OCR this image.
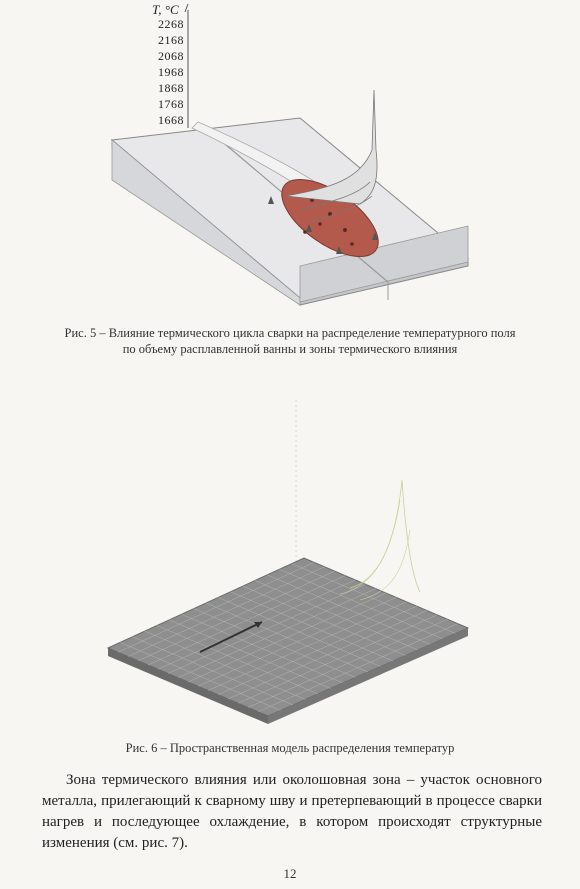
T, °C
2268
2168
2068
1968
1868
1768
1668
Рис. 5 – Влияние термического цикла сварки на распределение температурного поля по объему расплавленной ванны и зоны термического влияния
Рис. 6 – Пространственная модель распределения температур
Зона термического влияния или околошовная зона – участок основного металла, прилегающий к сварному шву и претерпевающий в процессе сварки нагрев и последующее охлаждение, в котором происходят структурные изменения (см. рис. 7).
12
